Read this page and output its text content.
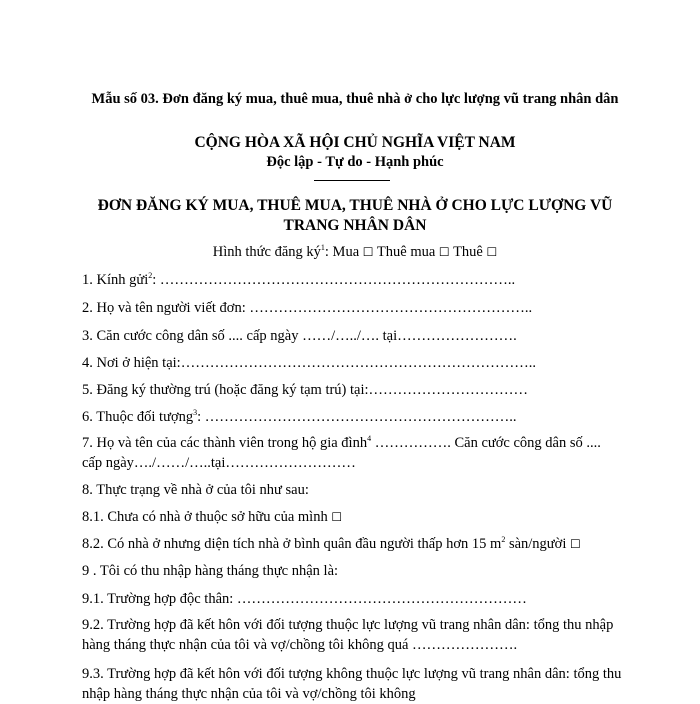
Mẫu số 03. Đơn đăng ký mua, thuê mua, thuê nhà ở cho lực lượng vũ trang nhân dân
CỘNG HÒA XÃ HỘI CHỦ NGHĨA VIỆT NAM
Độc lập - Tự do - Hạnh phúc
ĐƠN ĐĂNG KÝ MUA, THUÊ MUA, THUÊ NHÀ Ở CHO LỰC LƯỢNG VŨ TRANG NHÂN DÂN
Hình thức đăng $ký^1$: Mua ☐ Thuê mua ☐ Thuê ☐
1. Kính gửi$^2$: ………………………………………………………………..
2. Họ và tên người viết đơn: …………………………………………………..
3. Căn cước công dân số .... cấp ngày ……/…../…. tại…………………….
4. Nơi ở hiện tại:………………………………………………………………..
5. Đăng ký thường trú (hoặc đăng ký tạm trú) tại:……………………………
6. Thuộc đối tượng$^3$: ………………………………………………………..
7. Họ và tên của các thành viên trong hộ gia đình$^4$ ……………. Căn cước công dân số .... cấp ngày…./……/…..tại………………………
8. Thực trạng về nhà ở của tôi như sau:
8.1. Chưa có nhà ở thuộc sở hữu của mình ☐
8.2. Có nhà ở nhưng diện tích nhà ở bình quân đầu người thấp hơn 15 $m^2$ sàn/người ☐
9 . Tôi có thu nhập hàng tháng thực nhận là:
9.1. Trường hợp độc thân: ……………………………………………………
9.2. Trường hợp đã kết hôn với đối tượng thuộc lực lượng vũ trang nhân dân: tổng thu nhập hàng tháng thực nhận của tôi và vợ/chồng tôi không quá ………………….
9.3. Trường hợp đã kết hôn với đối tượng không thuộc lực lượng vũ trang nhân dân: tổng thu nhập hàng tháng thực nhận của tôi và vợ/chồng tôi không
